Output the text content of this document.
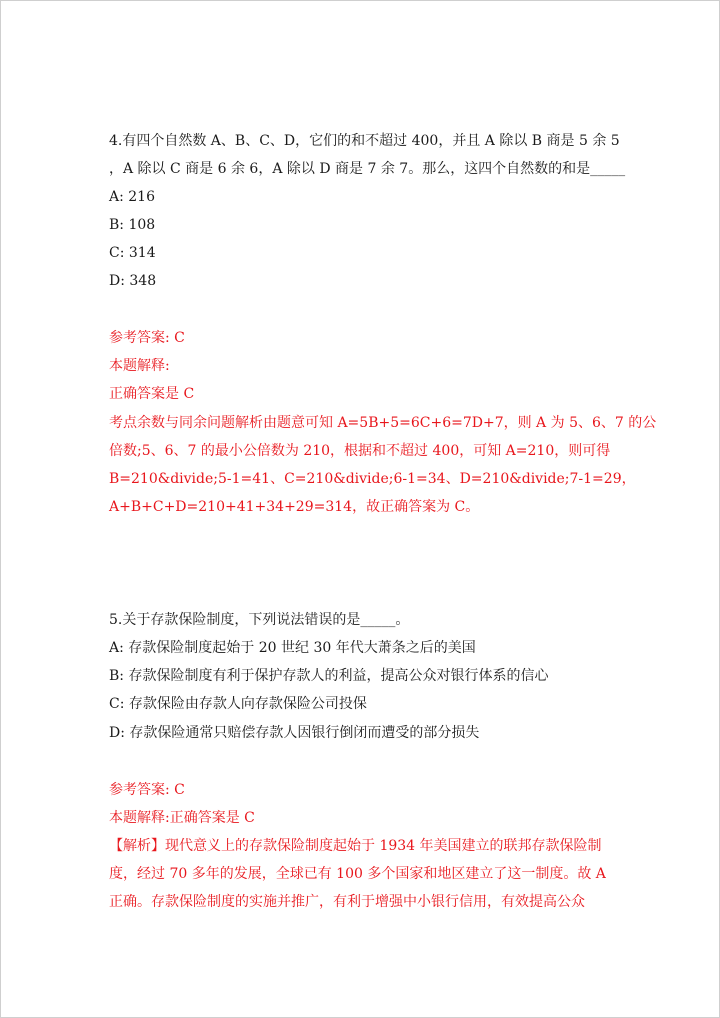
4.有四个自然数 A、B、C、D，它们的和不超过 400，并且 A 除以 B 商是 5 余 5
，A 除以 C 商是 6 余 6，A 除以 D 商是 7 余 7。那么，这四个自然数的和是_____
A: 216
B: 108
C: 314
D: 348
参考答案: C
本题解释:
正确答案是 C
考点余数与同余问题解析由题意可知 A=5B+5=6C+6=7D+7，则 A 为 5、6、7 的公
倍数;5、6、7 的最小公倍数为 210，根据和不超过 400，可知 A=210，则可得
B=210&divide;5-1=41、C=210&divide;6-1=34、D=210&divide;7-1=29，
A+B+C+D=210+41+34+29=314，故正确答案为 C。
5.关于存款保险制度，下列说法错误的是_____。
A: 存款保险制度起始于 20 世纪 30 年代大萧条之后的美国
B: 存款保险制度有利于保护存款人的利益，提高公众对银行体系的信心
C: 存款保险由存款人向存款保险公司投保
D: 存款保险通常只赔偿存款人因银行倒闭而遭受的部分损失
参考答案: C
本题解释:正确答案是 C
【解析】现代意义上的存款保险制度起始于 1934 年美国建立的联邦存款保险制
度，经过 70 多年的发展，全球已有 100 多个国家和地区建立了这一制度。故 A
正确。存款保险制度的实施并推广，有利于增强中小银行信用，有效提高公众
